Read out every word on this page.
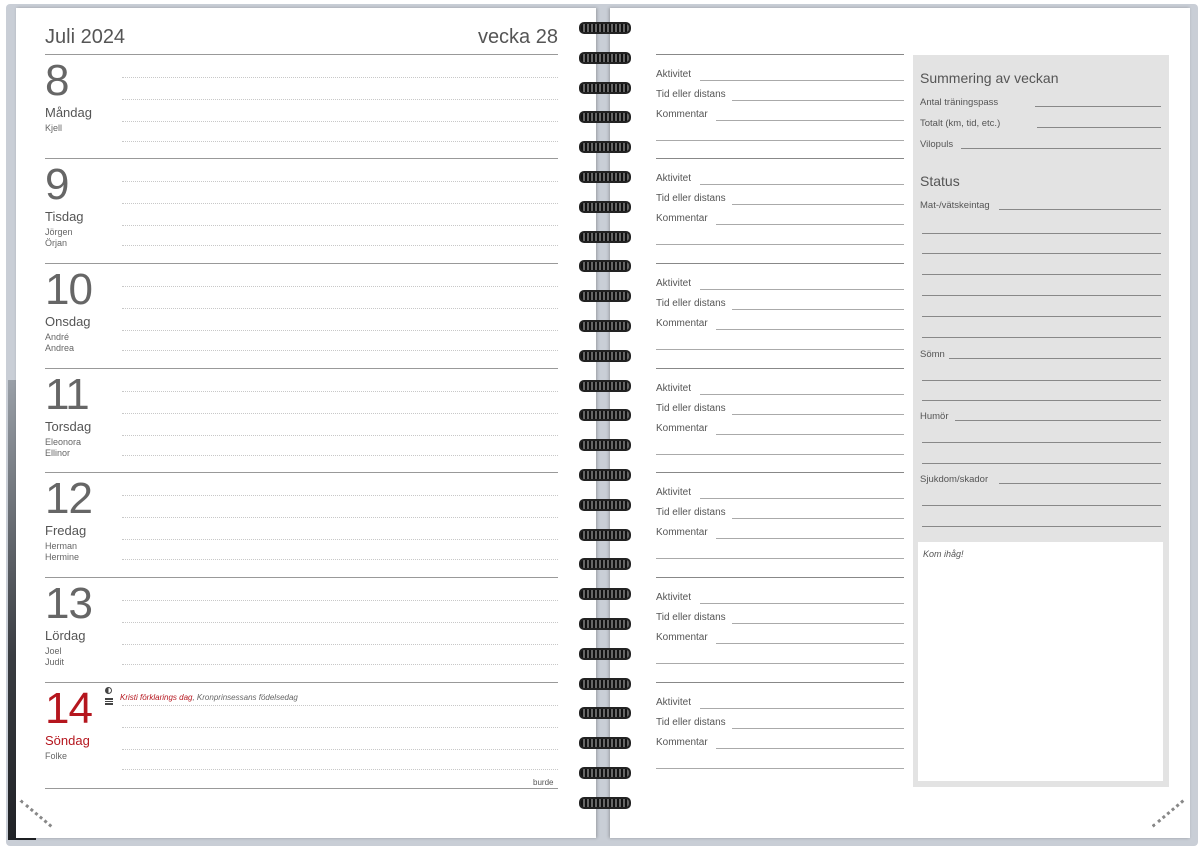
Juli 2024	vecka 28
8
Måndag
Kjell
9
Tisdag
Jörgen
Örjan
10
Onsdag
André
Andrea
11
Torsdag
Eleonora
Ellinor
12
Fredag
Herman
Hermine
13
Lördag
Joel
Judit
14
Söndag
Folke
Kristi förklarings dag, Kronprinsessans födelsedag
burde
Aktivitet
Tid eller distans
Kommentar
Aktivitet
Tid eller distans
Kommentar
Aktivitet
Tid eller distans
Kommentar
Aktivitet
Tid eller distans
Kommentar
Aktivitet
Tid eller distans
Kommentar
Aktivitet
Tid eller distans
Kommentar
Aktivitet
Tid eller distans
Kommentar
Summering av veckan
Antal träningspass
Totalt (km, tid, etc.)
Vilopuls
Status
Mat-/vätskeintag
Sömn
Humör
Sjukdom/skador
Kom ihåg!
